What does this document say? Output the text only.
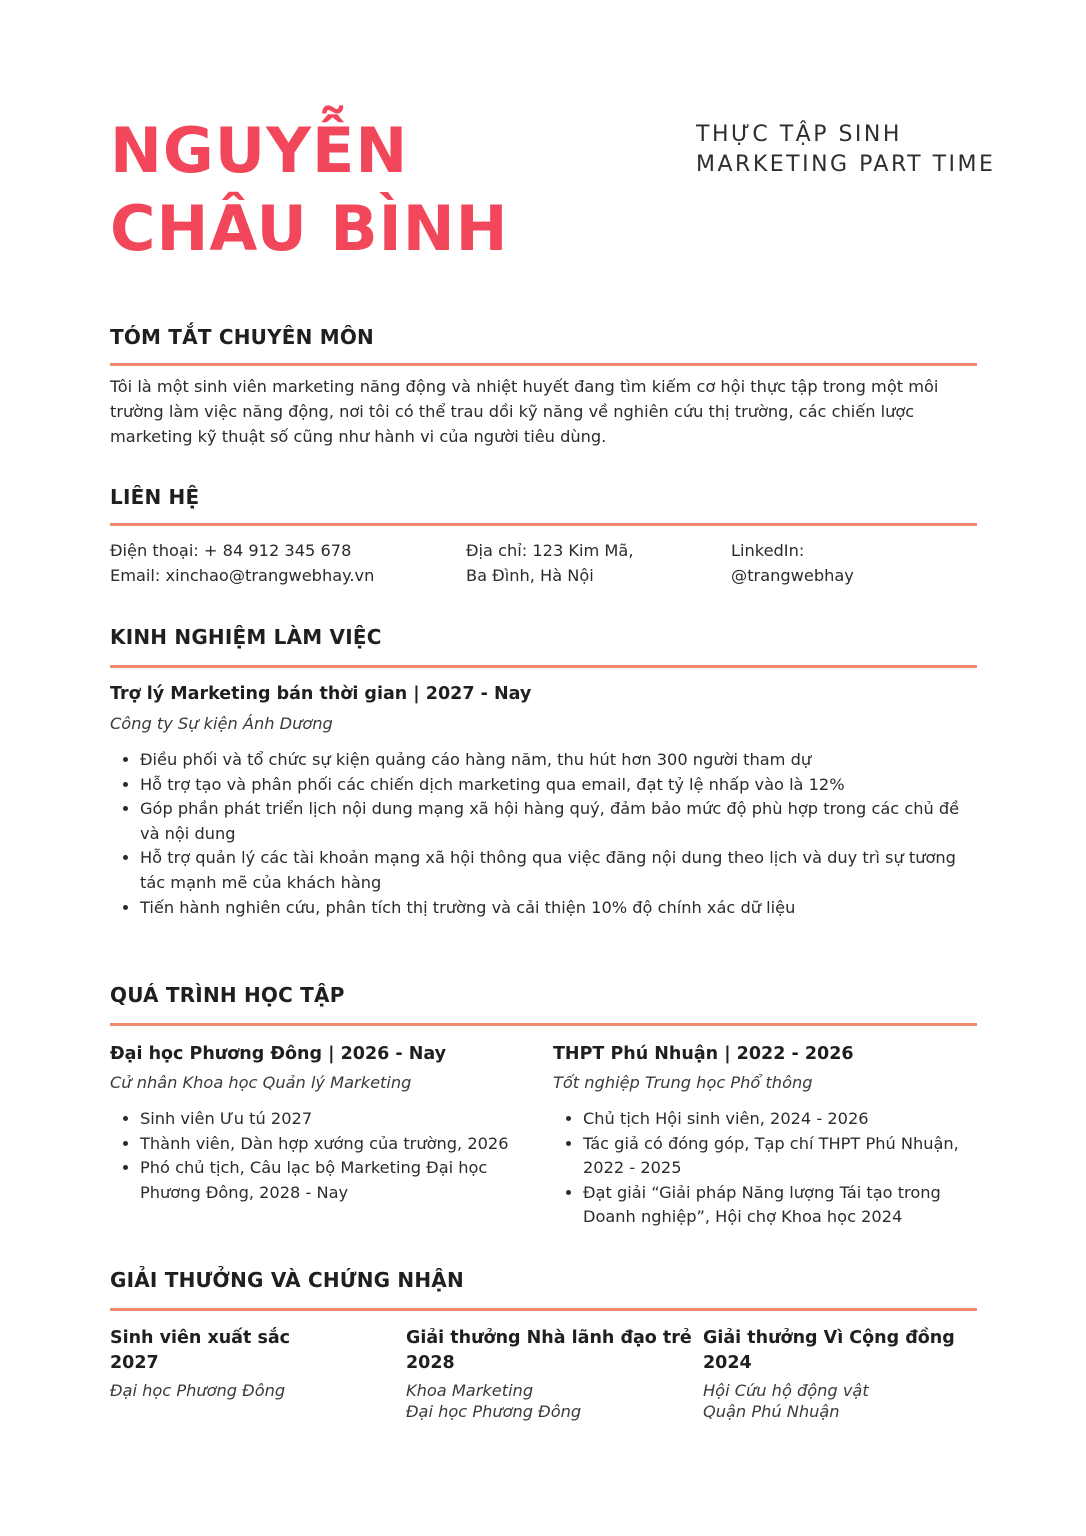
NGUYỄN
CHÂU BÌNH
THỰC TẬP SINH
MARKETING PART TIME
TÓM TẮT CHUYÊN MÔN

Tôi là một sinh viên marketing năng động và nhiệt huyết đang tìm kiếm cơ hội thực tập trong một môi trường làm việc năng động, nơi tôi có thể trau dồi kỹ năng về nghiên cứu thị trường, các chiến lược marketing kỹ thuật số cũng như hành vi của người tiêu dùng.

LIÊN HỆ

Điện thoại: + 84 912 345 678

Email: xinchao@trangwebhay.vn

Địa chỉ: 123 Kim Mã,

Ba Đình, Hà Nội

LinkedIn:

@trangwebhay

KINH NGHIỆM LÀM VIỆC

Trợ lý Marketing bán thời gian | 2027 - Nay

Công ty Sự kiện Ánh Dương

• Điều phối và tổ chức sự kiện quảng cáo hàng năm, thu hút hơn 300 người tham dự
• Hỗ trợ tạo và phân phối các chiến dịch marketing qua email, đạt tỷ lệ nhấp vào là 12%
• Góp phần phát triển lịch nội dung mạng xã hội hàng quý, đảm bảo mức độ phù hợp trong các chủ đề và nội dung
• Hỗ trợ quản lý các tài khoản mạng xã hội thông qua việc đăng nội dung theo lịch và duy trì sự tương tác mạnh mẽ của khách hàng
• Tiến hành nghiên cứu, phân tích thị trường và cải thiện 10% độ chính xác dữ liệu
QUÁ TRÌNH HỌC TẬP

Đại học Phương Đông | 2026 - Nay

Cử nhân Khoa học Quản lý Marketing

• Sinh viên Ưu tú 2027
• Thành viên, Dàn hợp xướng của trường, 2026
• Phó chủ tịch, Câu lạc bộ Marketing Đại học Phương Đông, 2028 - Nay

THPT Phú Nhuận | 2022 - 2026

Tốt nghiệp Trung học Phổ thông

• Chủ tịch Hội sinh viên, 2024 - 2026
• Tác giả có đóng góp, Tạp chí THPT Phú Nhuận, 2022 - 2025
• Đạt giải “Giải pháp Năng lượng Tái tạo trong Doanh nghiệp”, Hội chợ Khoa học 2024
GIẢI THƯỞNG VÀ CHỨNG NHẬN

Sinh viên xuất sắc

2027

Đại học Phương Đông

Giải thưởng Nhà lãnh đạo trẻ

2028

Khoa Marketing

Đại học Phương Đông

Giải thưởng Vì Cộng đồng

2024

Hội Cứu hộ động vật

Quận Phú Nhuận
